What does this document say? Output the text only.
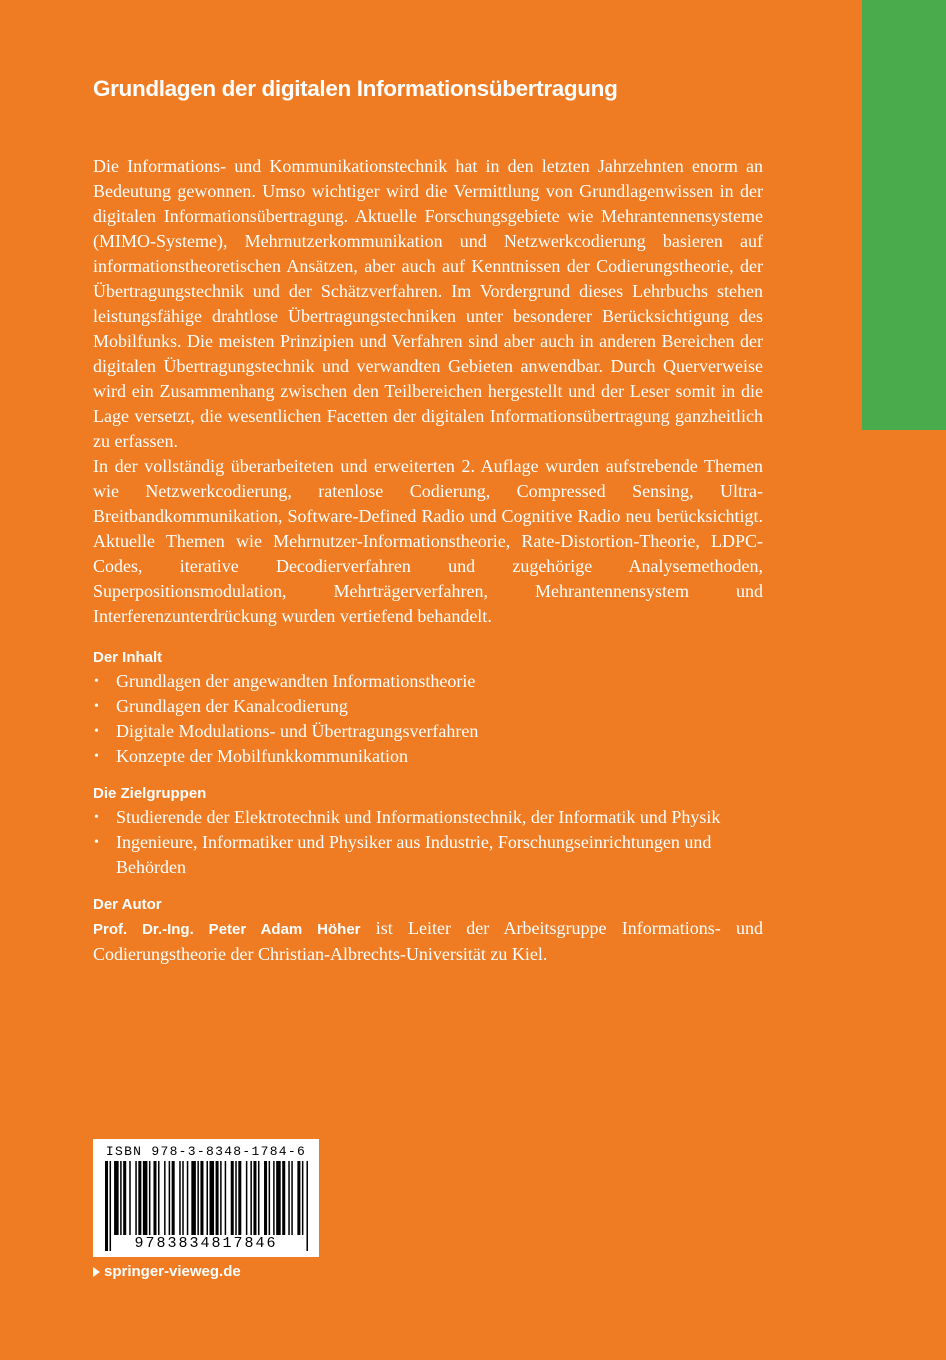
Grundlagen der digitalen Informationsübertragung

Die Informations- und Kommunikationstechnik hat in den letzten Jahrzehnten enorm an Bedeutung gewonnen. Umso wichtiger wird die Vermittlung von Grundlagenwissen in der digitalen Informationsübertragung. Aktuelle Forschungsgebiete wie Mehrantennensysteme (MIMO-Systeme), Mehrnutzerkommunikation und Netzwerkcodierung basieren auf informationstheoretischen Ansätzen, aber auch auf Kenntnissen der Codierungstheorie, der Übertragungstechnik und der Schätzverfahren. Im Vordergrund dieses Lehrbuchs stehen leistungsfähige drahtlose Übertragungstechniken unter besonderer Berücksichtigung des Mobilfunks. Die meisten Prinzipien und Verfahren sind aber auch in anderen Bereichen der digitalen Übertragungstechnik und verwandten Gebieten anwendbar. Durch Querverweise wird ein Zusammenhang zwischen den Teilbereichen hergestellt und der Leser somit in die Lage versetzt, die wesentlichen Facetten der digitalen Informationsübertragung ganzheitlich zu erfassen.

In der vollständig überarbeiteten und erweiterten 2. Auflage wurden aufstrebende Themen wie Netzwerkcodierung, ratenlose Codierung, Compressed Sensing, Ultra-Breitbandkommunikation, Software-Defined Radio und Cognitive Radio neu berücksichtigt. Aktuelle Themen wie Mehrnutzer-Informationstheorie, Rate-Distortion-Theorie, LDPC-Codes, iterative Decodierverfahren und zugehörige Analysemethoden, Superpositionsmodulation, Mehrträgerverfahren, Mehrantennensystem und Interferenzunterdrückung wurden vertiefend behandelt.

Der Inhalt
• Grundlagen der angewandten Informationstheorie
• Grundlagen der Kanalcodierung
• Digitale Modulations- und Übertragungsverfahren
• Konzepte der Mobilfunkkommunikation
Die Zielgruppen
• Studierende der Elektrotechnik und Informationstechnik, der Informatik und Physik
• Ingenieure, Informatiker und Physiker aus Industrie, Forschungseinrichtungen und Behörden
Der Autor

Prof. Dr.-Ing. Peter Adam Höher ist Leiter der Arbeitsgruppe Informations- und Codierungstheorie der Christian-Albrechts-Universität zu Kiel.

ISBN 978-3-8348-1784-6
9783834817846
springer-vieweg.de
